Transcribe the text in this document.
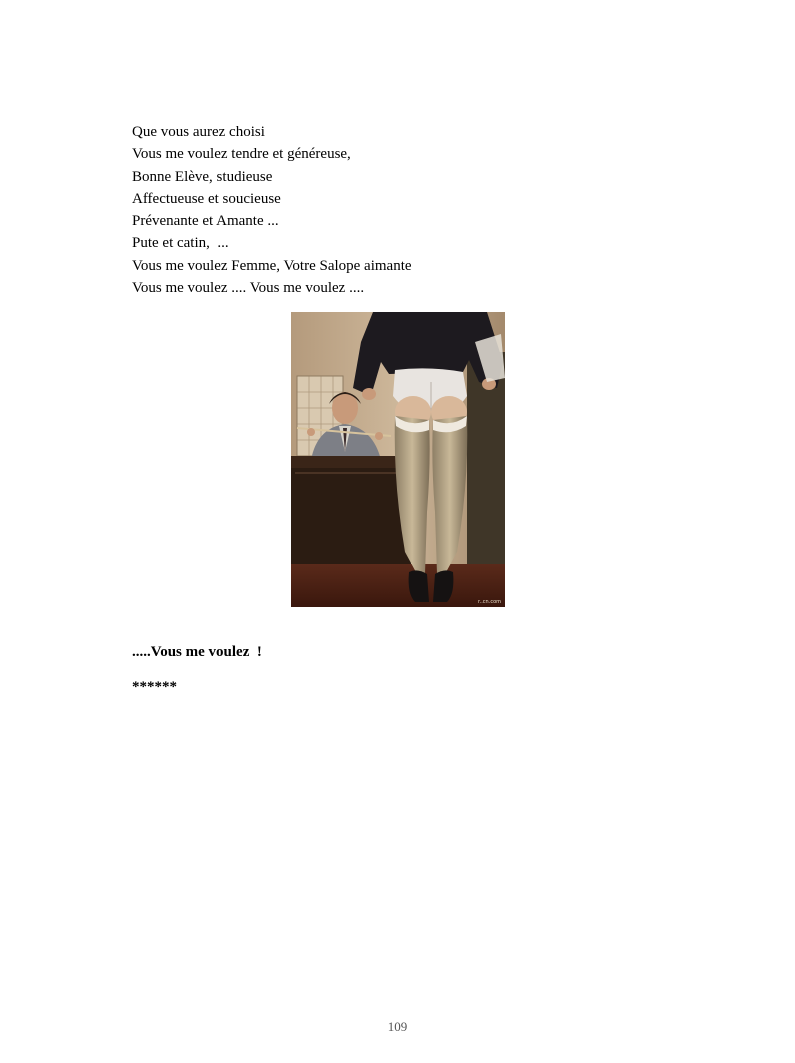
Que vous aurez choisi
Vous me voulez tendre et généreuse,
Bonne Elève, studieuse
Affectueuse et soucieuse
Prévenante et Amante ...
Pute et catin,  ...
Vous me voulez Femme, Votre Salope aimante
Vous me voulez .... Vous me voulez ....
r..cn.com
.....Vous me voulez  !
******
109
